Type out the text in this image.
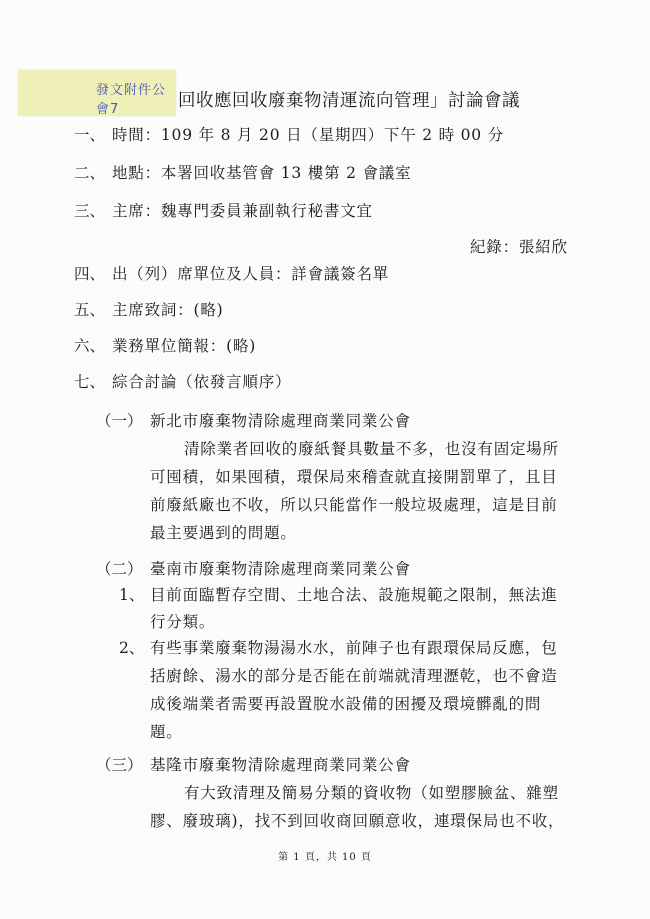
發文附件公會7	回收應回收廢棄物清運流向管理」討論會議
一、 時間：109 年 8 月 20 日（星期四）下午 2 時 00 分
二、 地點：本署回收基管會 13 樓第 2 會議室
三、 主席：魏專門委員兼副執行秘書文宜
紀錄：張紹欣
四、 出（列）席單位及人員：詳會議簽名單
五、 主席致詞：(略)
六、 業務單位簡報：(略)
七、 綜合討論（依發言順序）
（一） 新北市廢棄物清除處理商業同業公會
清除業者回收的廢紙餐具數量不多，也沒有固定場所
可囤積，如果囤積，環保局來稽查就直接開罰單了，且目
前廢紙廠也不收，所以只能當作一般垃圾處理，這是目前
最主要遇到的問題。
（二） 臺南市廢棄物清除處理商業同業公會
1、 目前面臨暫存空間、土地合法、設施規範之限制，無法進
行分類。
2、 有些事業廢棄物湯湯水水，前陣子也有跟環保局反應，包
括廚餘、湯水的部分是否能在前端就清理瀝乾，也不會造
成後端業者需要再設置脫水設備的困擾及環境髒亂的問
題。
（三） 基隆市廢棄物清除處理商業同業公會
有大致清理及簡易分類的資收物（如塑膠臉盆、雜塑
膠、廢玻璃)，找不到回收商回願意收，連環保局也不收，
第 1 頁，共 10 頁
